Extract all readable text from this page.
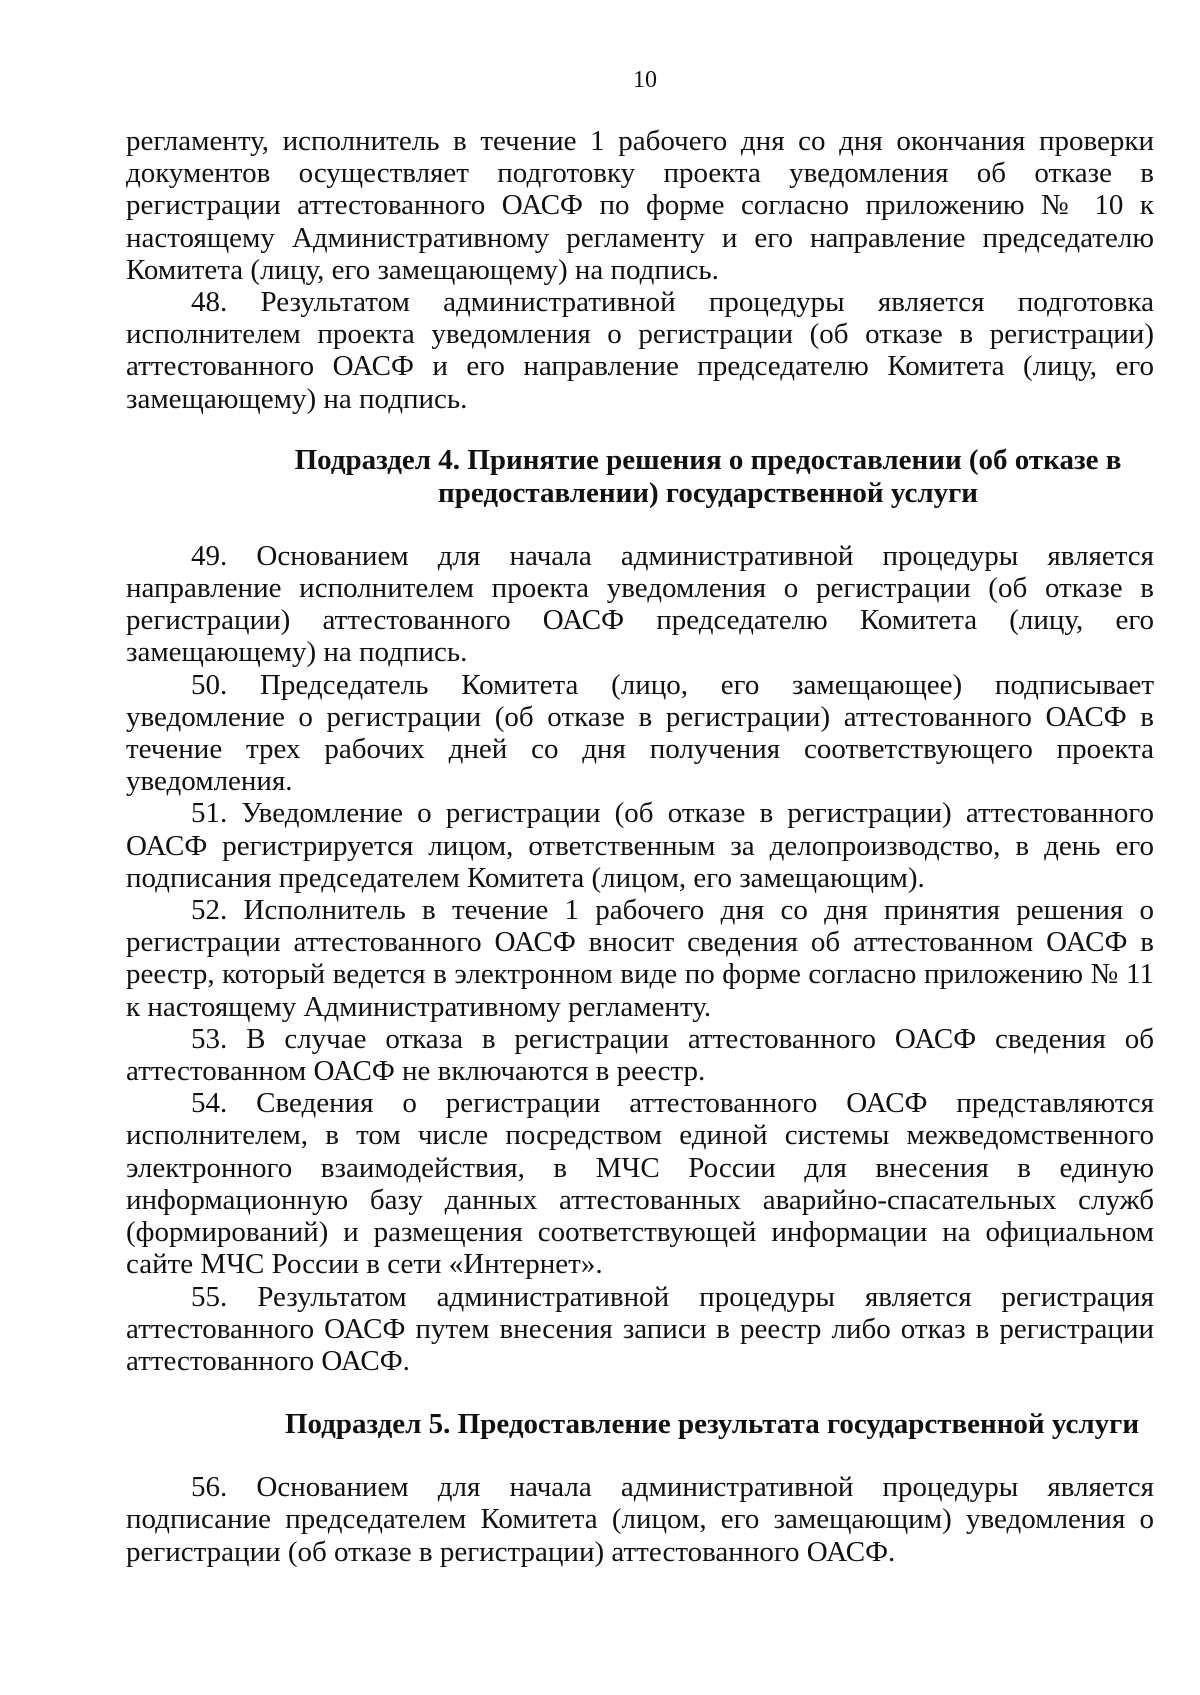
10

регламенту, исполнитель в течение 1 рабочего дня со дня окончания проверки документов осуществляет подготовку проекта уведомления об отказе в регистрации аттестованного ОАСФ по форме согласно приложению № 10 к настоящему Административному регламенту и его направление председателю Комитета (лицу, его замещающему) на подпись.

48. Результатом административной процедуры является подготовка исполнителем проекта уведомления о регистрации (об отказе в регистрации) аттестованного ОАСФ и его направление председателю Комитета (лицу, его замещающему) на подпись.

Подраздел 4. Принятие решения о предоставлении (об отказе в предоставлении) государственной услуги

49. Основанием для начала административной процедуры является направление исполнителем проекта уведомления о регистрации (об отказе в регистрации) аттестованного ОАСФ председателю Комитета (лицу, его замещающему) на подпись.

50. Председатель Комитета (лицо, его замещающее) подписывает уведомление о регистрации (об отказе в регистрации) аттестованного ОАСФ в течение трех рабочих дней со дня получения соответствующего проекта уведомления.

51. Уведомление о регистрации (об отказе в регистрации) аттестованного ОАСФ регистрируется лицом, ответственным за делопроизводство, в день его подписания председателем Комитета (лицом, его замещающим).

52. Исполнитель в течение 1 рабочего дня со дня принятия решения о регистрации аттестованного ОАСФ вносит сведения об аттестованном ОАСФ в реестр, который ведется в электронном виде по форме согласно приложению № 11 к настоящему Административному регламенту.

53. В случае отказа в регистрации аттестованного ОАСФ сведения об аттестованном ОАСФ не включаются в реестр.

54. Сведения о регистрации аттестованного ОАСФ представляются исполнителем, в том числе посредством единой системы межведомственного электронного взаимодействия, в МЧС России для внесения в единую информационную базу данных аттестованных аварийно-спасательных служб (формирований) и размещения соответствующей информации на официальном сайте МЧС России в сети «Интернет».

55. Результатом административной процедуры является регистрация аттестованного ОАСФ путем внесения записи в реестр либо отказ в регистрации аттестованного ОАСФ.

Подраздел 5. Предоставление результата государственной услуги

56. Основанием для начала административной процедуры является подписание председателем Комитета (лицом, его замещающим) уведомления о регистрации (об отказе в регистрации) аттестованного ОАСФ.
